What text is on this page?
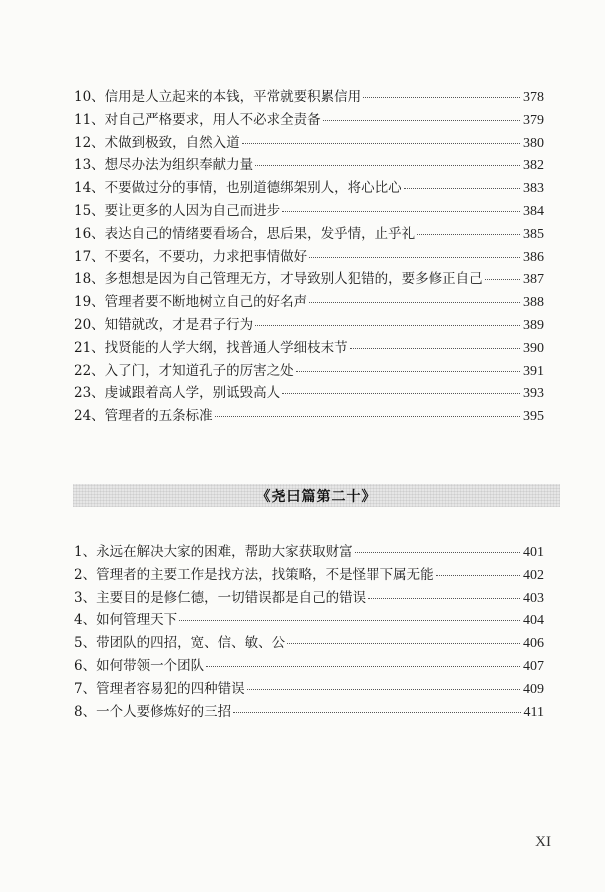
10、信用是人立起来的本钱，平常就要积累信用	378
11、对自己严格要求，用人不必求全责备	379
12、术做到极致，自然入道	380
13、想尽办法为组织奉献力量	382
14、不要做过分的事情，也别道德绑架别人，将心比心	383
15、要让更多的人因为自己而进步	384
16、表达自己的情绪要看场合，思后果，发乎情，止乎礼	385
17、不要名，不要功，力求把事情做好	386
18、多想想是因为自己管理无方，才导致别人犯错的，要多修正自己	387
19、管理者要不断地树立自己的好名声	388
20、知错就改，才是君子行为	389
21、找贤能的人学大纲，找普通人学细枝末节	390
22、入了门，才知道孔子的厉害之处	391
23、虔诚跟着高人学，别诋毁高人	393
24、管理者的五条标准	395
《尧曰篇第二十》
1、永远在解决大家的困难，帮助大家获取财富	401
2、管理者的主要工作是找方法，找策略，不是怪罪下属无能	402
3、主要目的是修仁德，一切错误都是自己的错误	403
4、如何管理天下	404
5、带团队的四招，宽、信、敏、公	406
6、如何带领一个团队	407
7、管理者容易犯的四种错误	409
8、一个人要修炼好的三招	411
XI
